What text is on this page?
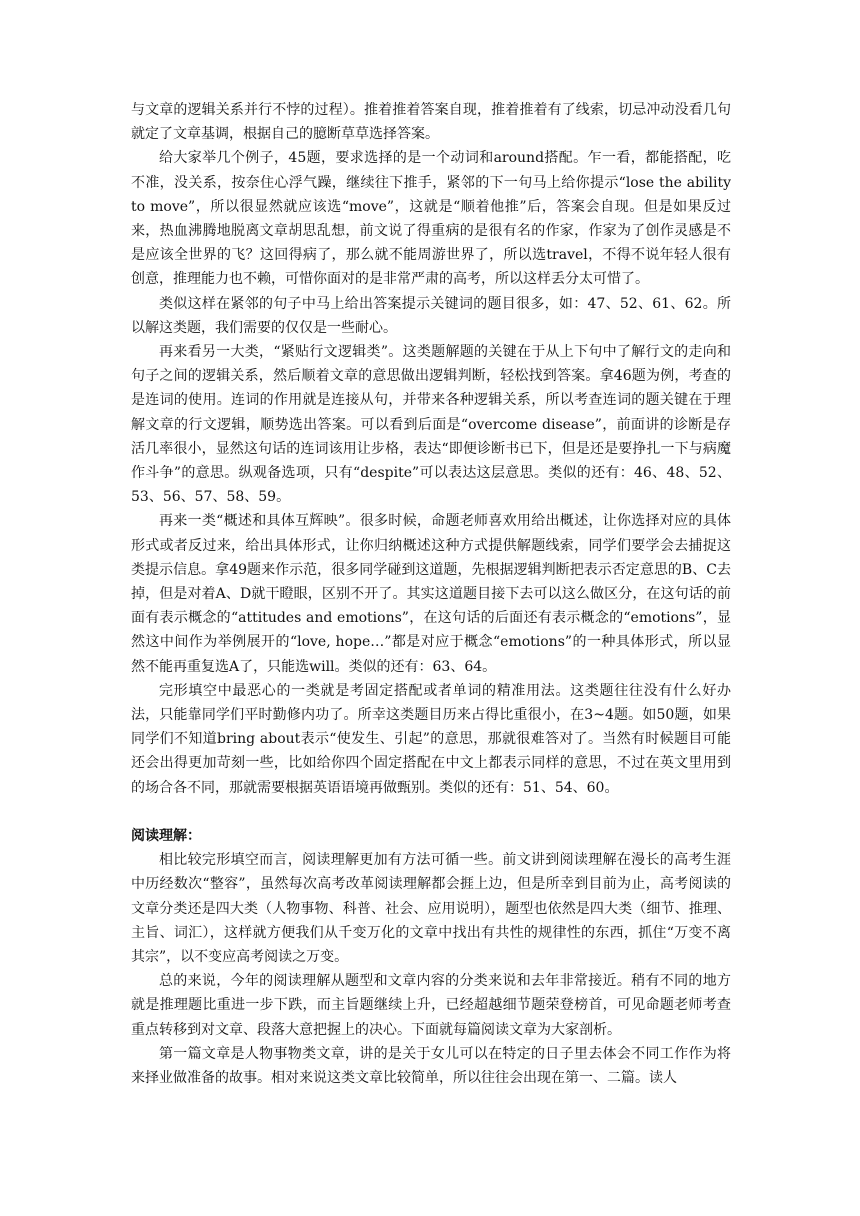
与文章的逻辑关系并行不悖的过程）。推着推着答案自现，推着推着有了线索，切忌冲动没看几句就定了文章基调，根据自己的臆断草草选择答案。

给大家举几个例子，45题，要求选择的是一个动词和around搭配。乍一看，都能搭配，吃不准，没关系，按奈住心浮气躁，继续往下推手，紧邻的下一句马上给你提示“lose the ability to move”，所以很显然就应该选“move”，这就是“顺着他推”后，答案会自现。但是如果反过来，热血沸腾地脱离文章胡思乱想，前文说了得重病的是很有名的作家，作家为了创作灵感是不是应该全世界的飞？这回得病了，那么就不能周游世界了，所以选travel，不得不说年轻人很有创意，推理能力也不赖，可惜你面对的是非常严肃的高考，所以这样丢分太可惜了。

类似这样在紧邻的句子中马上给出答案提示关键词的题目很多，如：47、52、61、62。所以解这类题，我们需要的仅仅是一些耐心。

再来看另一大类，“紧贴行文逻辑类”。这类题解题的关键在于从上下句中了解行文的走向和句子之间的逻辑关系，然后顺着文章的意思做出逻辑判断，轻松找到答案。拿46题为例，考查的是连词的使用。连词的作用就是连接从句，并带来各种逻辑关系，所以考查连词的题关键在于理解文章的行文逻辑，顺势选出答案。可以看到后面是“overcome disease”，前面讲的诊断是存活几率很小，显然这句话的连词该用让步格，表达“即便诊断书已下，但是还是要挣扎一下与病魔作斗争”的意思。纵观备选项，只有“despite”可以表达这层意思。类似的还有：46、48、52、53、56、57、58、59。

再来一类“概述和具体互辉映”。很多时候，命题老师喜欢用给出概述，让你选择对应的具体形式或者反过来，给出具体形式，让你归纳概述这种方式提供解题线索，同学们要学会去捕捉这类提示信息。拿49题来作示范，很多同学碰到这道题，先根据逻辑判断把表示否定意思的B、C去掉，但是对着A、D就干瞪眼，区别不开了。其实这道题目接下去可以这么做区分，在这句话的前面有表示概念的“attitudes and emotions”，在这句话的后面还有表示概念的“emotions”，显然这中间作为举例展开的“love, hope…”都是对应于概念“emotions”的一种具体形式，所以显然不能再重复选A了，只能选will。类似的还有：63、64。

完形填空中最恶心的一类就是考固定搭配或者单词的精准用法。这类题往往没有什么好办法，只能靠同学们平时勤修内功了。所幸这类题目历来占得比重很小，在3~4题。如50题，如果同学们不知道bring about表示“使发生、引起”的意思，那就很难答对了。当然有时候题目可能还会出得更加苛刻一些，比如给你四个固定搭配在中文上都表示同样的意思，不过在英文里用到的场合各不同，那就需要根据英语语境再做甄别。类似的还有：51、54、60。

阅读理解：

相比较完形填空而言，阅读理解更加有方法可循一些。前文讲到阅读理解在漫长的高考生涯中历经数次“整容”，虽然每次高考改革阅读理解都会捱上边，但是所幸到目前为止，高考阅读的文章分类还是四大类（人物事物、科普、社会、应用说明），题型也依然是四大类（细节、推理、主旨、词汇），这样就方便我们从千变万化的文章中找出有共性的规律性的东西，抓住“万变不离其宗”，以不变应高考阅读之万变。

总的来说，今年的阅读理解从题型和文章内容的分类来说和去年非常接近。稍有不同的地方就是推理题比重进一步下跌，而主旨题继续上升，已经超越细节题荣登榜首，可见命题老师考查重点转移到对文章、段落大意把握上的决心。下面就每篇阅读文章为大家剖析。

第一篇文章是人物事物类文章，讲的是关于女儿可以在特定的日子里去体会不同工作作为将来择业做准备的故事。相对来说这类文章比较简单，所以往往会出现在第一、二篇。读人
